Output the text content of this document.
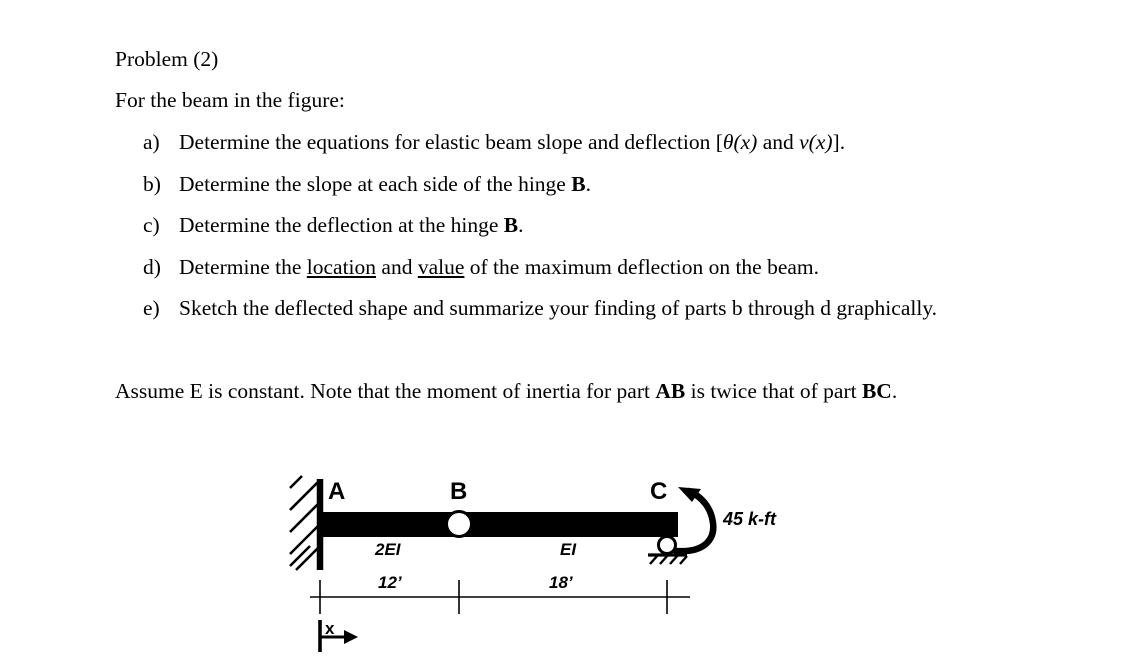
Problem (2)
For the beam in the figure:
a) Determine the equations for elastic beam slope and deflection [θ(x) and v(x)].
b) Determine the slope at each side of the hinge B.
c) Determine the deflection at the hinge B.
d) Determine the location and value of the maximum deflection on the beam.
e) Sketch the deflected shape and summarize your finding of parts b through d graphically.
Assume E is constant. Note that the moment of inertia for part AB is twice that of part BC.
A	B	C
2EI	EI
12’	18’
45 k-ft
x
